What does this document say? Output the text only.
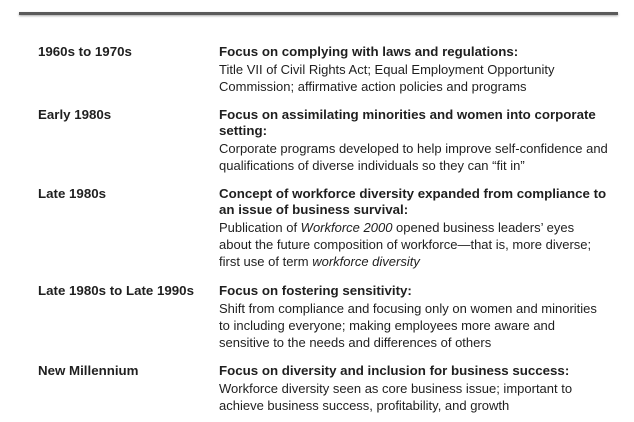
1960s to 1970s	Focus on complying with laws and regulations:

Title VII of Civil Rights Act; Equal Employment Opportunity Commission; affirmative action policies and programs

Early 1980s	Focus on assimilating minorities and women into corporate setting:

Corporate programs developed to help improve self-confidence and qualifications of diverse individuals so they can “fit in”

Late 1980s	Concept of workforce diversity expanded from compliance to an issue of business survival:

Publication of Workforce 2000 opened business leaders’ eyes about the future composition of workforce—that is, more diverse; first use of term workforce diversity

Late 1980s to Late 1990s Focus on fostering sensitivity:

Shift from compliance and focusing only on women and minorities to including everyone; making employees more aware and sensitive to the needs and differences of others

New Millennium	Focus on diversity and inclusion for business success:

Workforce diversity seen as core business issue; important to achieve business success, profitability, and growth
